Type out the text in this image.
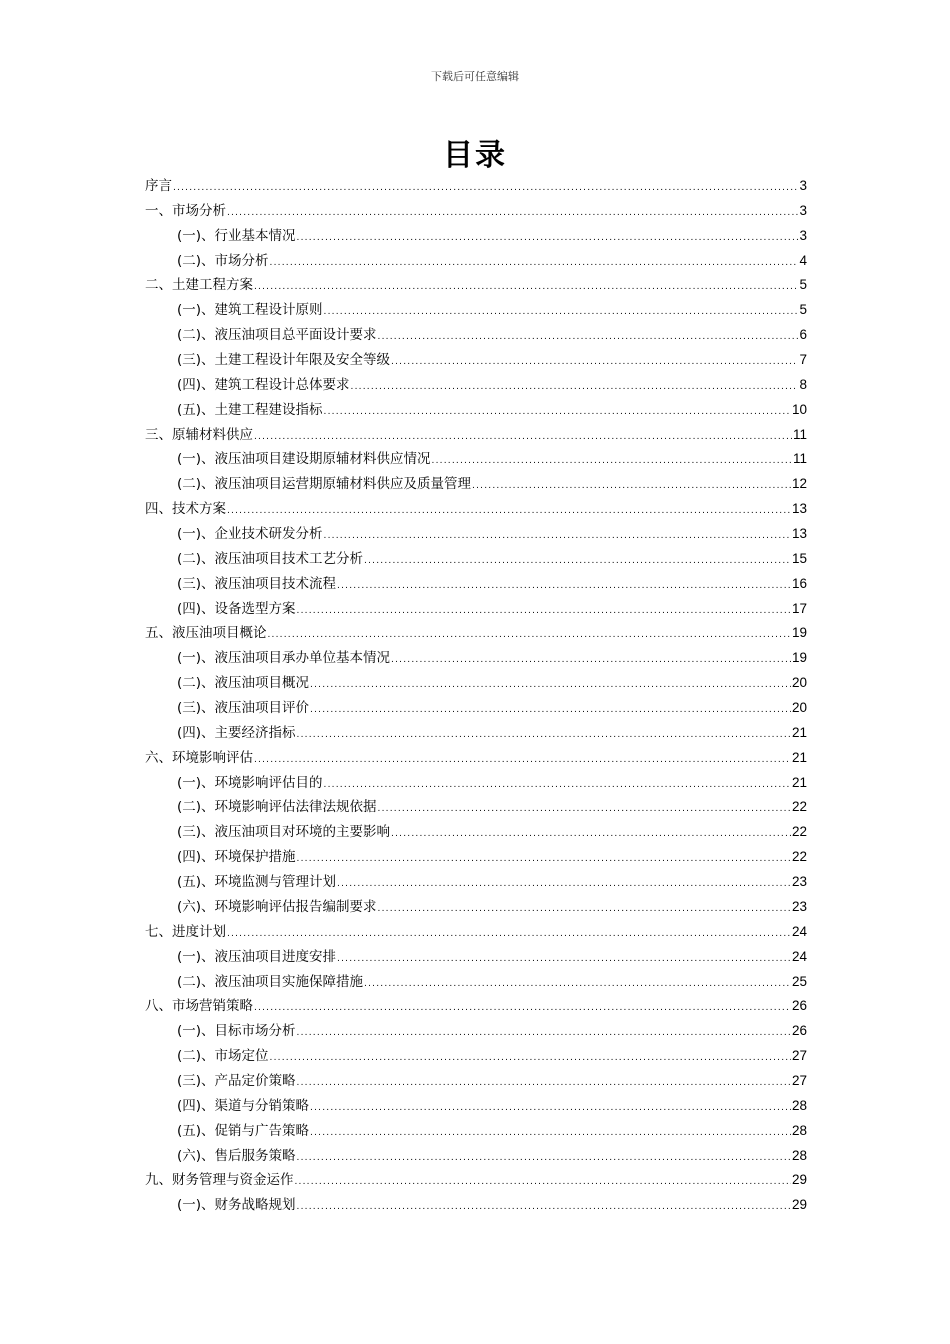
下载后可任意编辑
目录
序言 .....	3
一、市场分析 .....	3
(一)、行业基本情况 .....	3
(二)、市场分析 .....	4
二、土建工程方案 .....	5
(一)、建筑工程设计原则 .....	5
(二)、液压油项目总平面设计要求 .....	6
(三)、土建工程设计年限及安全等级 .....	7
(四)、建筑工程设计总体要求 .....	8
(五)、土建工程建设指标 .....	10
三、原辅材料供应 .....	11
(一)、液压油项目建设期原辅材料供应情况 .....	11
(二)、液压油项目运营期原辅材料供应及质量管理 .....	12
四、技术方案 .....	13
(一)、企业技术研发分析 .....	13
(二)、液压油项目技术工艺分析 .....	15
(三)、液压油项目技术流程 .....	16
(四)、设备选型方案 .....	17
五、液压油项目概论 .....	19
(一)、液压油项目承办单位基本情况 .....	19
(二)、液压油项目概况 .....	20
(三)、液压油项目评价 .....	20
(四)、主要经济指标 .....	21
六、环境影响评估 .....	21
(一)、环境影响评估目的 .....	21
(二)、环境影响评估法律法规依据 .....	22
(三)、液压油项目对环境的主要影响 .....	22
(四)、环境保护措施 .....	22
(五)、环境监测与管理计划 .....	23
(六)、环境影响评估报告编制要求 .....	23
七、进度计划 .....	24
(一)、液压油项目进度安排 .....	24
(二)、液压油项目实施保障措施 .....	25
八、市场营销策略 .....	26
(一)、目标市场分析 .....	26
(二)、市场定位 .....	27
(三)、产品定价策略 .....	27
(四)、渠道与分销策略 .....	28
(五)、促销与广告策略 .....	28
(六)、售后服务策略 .....	28
九、财务管理与资金运作 .....	29
(一)、财务战略规划 .....	29
